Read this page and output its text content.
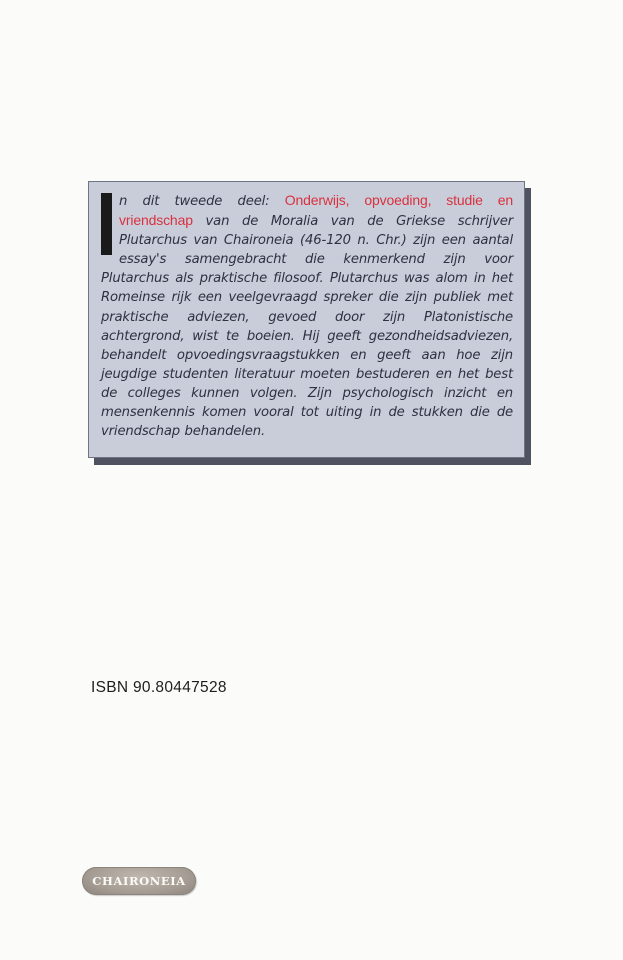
n dit tweede deel: Onderwijs, opvoeding, studie en vriendschap van de Moralia van de Griekse schrijver Plutarchus van Chaironeia (46-120 n. Chr.) zijn een aantal essay's samengebracht die kenmerkend zijn voor Plutarchus als praktische filosoof. Plutarchus was alom in het Romeinse rijk een veelgevraagd spreker die zijn publiek met praktische adviezen, gevoed door zijn Platonistische achtergrond, wist te boeien. Hij geeft gezondheidsadviezen, behandelt opvoedingsvraagstukken en geeft aan hoe zijn jeugdige studenten literatuur moeten bestuderen en het best de colleges kunnen volgen. Zijn psychologisch inzicht en mensenkennis komen vooral tot uiting in de stukken die de vriendschap behandelen.

ISBN 90.80447528
CHAIRONEIA
